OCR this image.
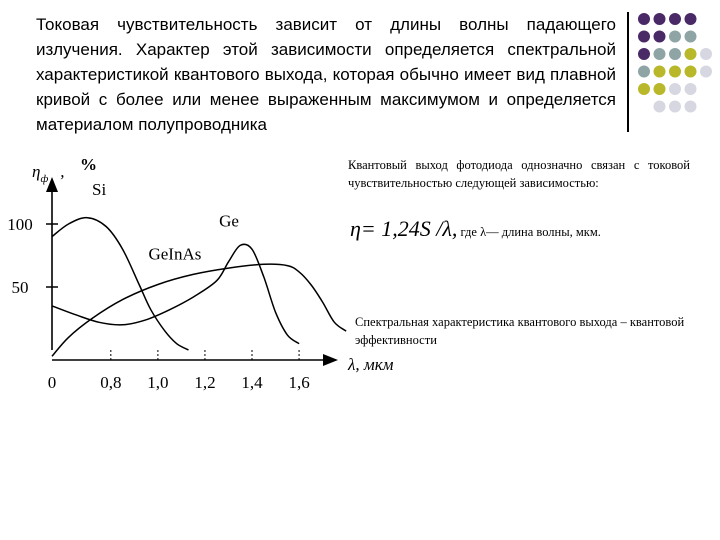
Токовая чувствительность зависит от длины волны падающего излучения. Характер этой зависимости определяется спектральной характеристикой квантового выхода, которая обычно имеет вид плавной кривой с более или менее выраженным максимумом и определяется материалом полупроводника

$\eta_ф$ , %
λ, мкм
100
50
0	0,8 1,0 1,2 1,4 1,6
Si
Ge
GeInAs

Квантовый выход фотодиода однозначно связан с токовой чувствительностью следующей зависимостью:

η= 1,24S /λ, где λ— длина волны, мкм.

Спектральная характеристика квантового выхода – квантовой эффективности
